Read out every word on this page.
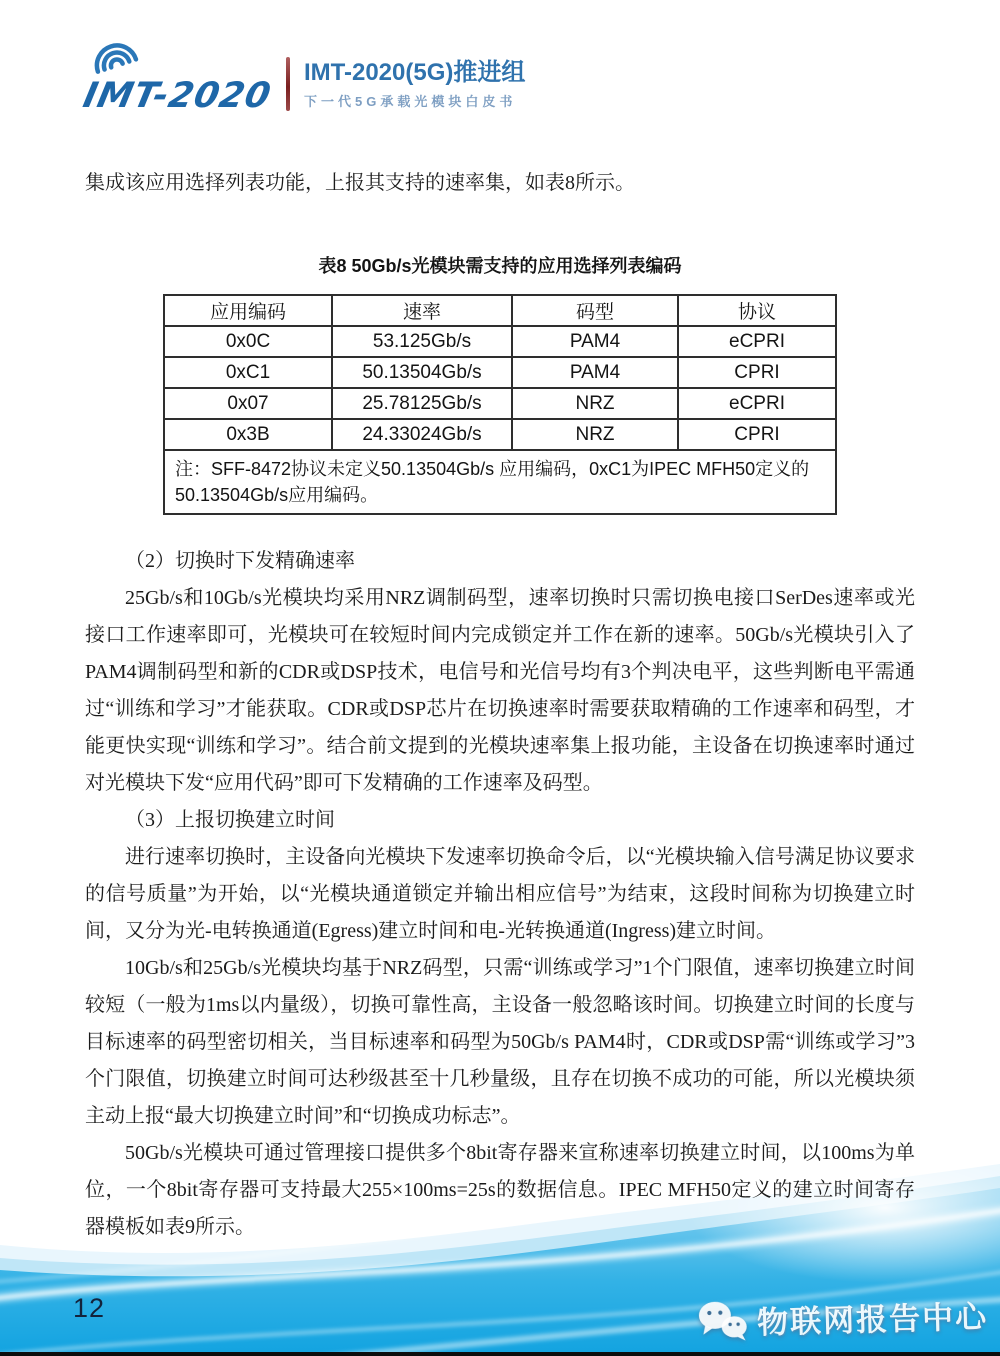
IMT-2020
IMT-2020(5G)推进组
下一代5G承载光模块白皮书

集成该应用选择列表功能，上报其支持的速率集，如表8所示。

表8 50Gb/s光模块需支持的应用选择列表编码
应用编码	速率	码型	协议
0x0C	53.125Gb/s	PAM4	eCPRI
0xC1	50.13504Gb/s	PAM4	CPRI
0x07	25.78125Gb/s	NRZ	eCPRI
0x3B	24.33024Gb/s	NRZ	CPRI
注：SFF-8472协议未定义50.13504Gb/s 应用编码，0xC1为IPEC MFH50定义的50.13504Gb/s应用编码。			

（2）切换时下发精确速率

25Gb/s和10Gb/s光模块均采用NRZ调制码型，速率切换时只需切换电接口SerDes速率或光接口工作速率即可，光模块可在较短时间内完成锁定并工作在新的速率。50Gb/s光模块引入了PAM4调制码型和新的CDR或DSP技术，电信号和光信号均有3个判决电平，这些判断电平需通过“训练和学习”才能获取。CDR或DSP芯片在切换速率时需要获取精确的工作速率和码型，才能更快实现“训练和学习”。结合前文提到的光模块速率集上报功能，主设备在切换速率时通过对光模块下发“应用代码”即可下发精确的工作速率及码型。

（3）上报切换建立时间

进行速率切换时，主设备向光模块下发速率切换命令后，以“光模块输入信号满足协议要求的信号质量”为开始，以“光模块通道锁定并输出相应信号”为结束，这段时间称为切换建立时间，又分为光-电转换通道(Egress)建立时间和电-光转换通道(Ingress)建立时间。

10Gb/s和25Gb/s光模块均基于NRZ码型，只需“训练或学习”1个门限值，速率切换建立时间较短（一般为1ms以内量级），切换可靠性高，主设备一般忽略该时间。切换建立时间的长度与目标速率的码型密切相关，当目标速率和码型为50Gb/s PAM4时，CDR或DSP需“训练或学习”3个门限值，切换建立时间可达秒级甚至十几秒量级，且存在切换不成功的可能，所以光模块须主动上报“最大切换建立时间”和“切换成功标志”。

50Gb/s光模块可通过管理接口提供多个8bit寄存器来宣称速率切换建立时间，以100ms为单位，一个8bit寄存器可支持最大255×100ms=25s的数据信息。IPEC MFH50定义的建立时间寄存器模板如表9所示。

12	物联网报告中心
